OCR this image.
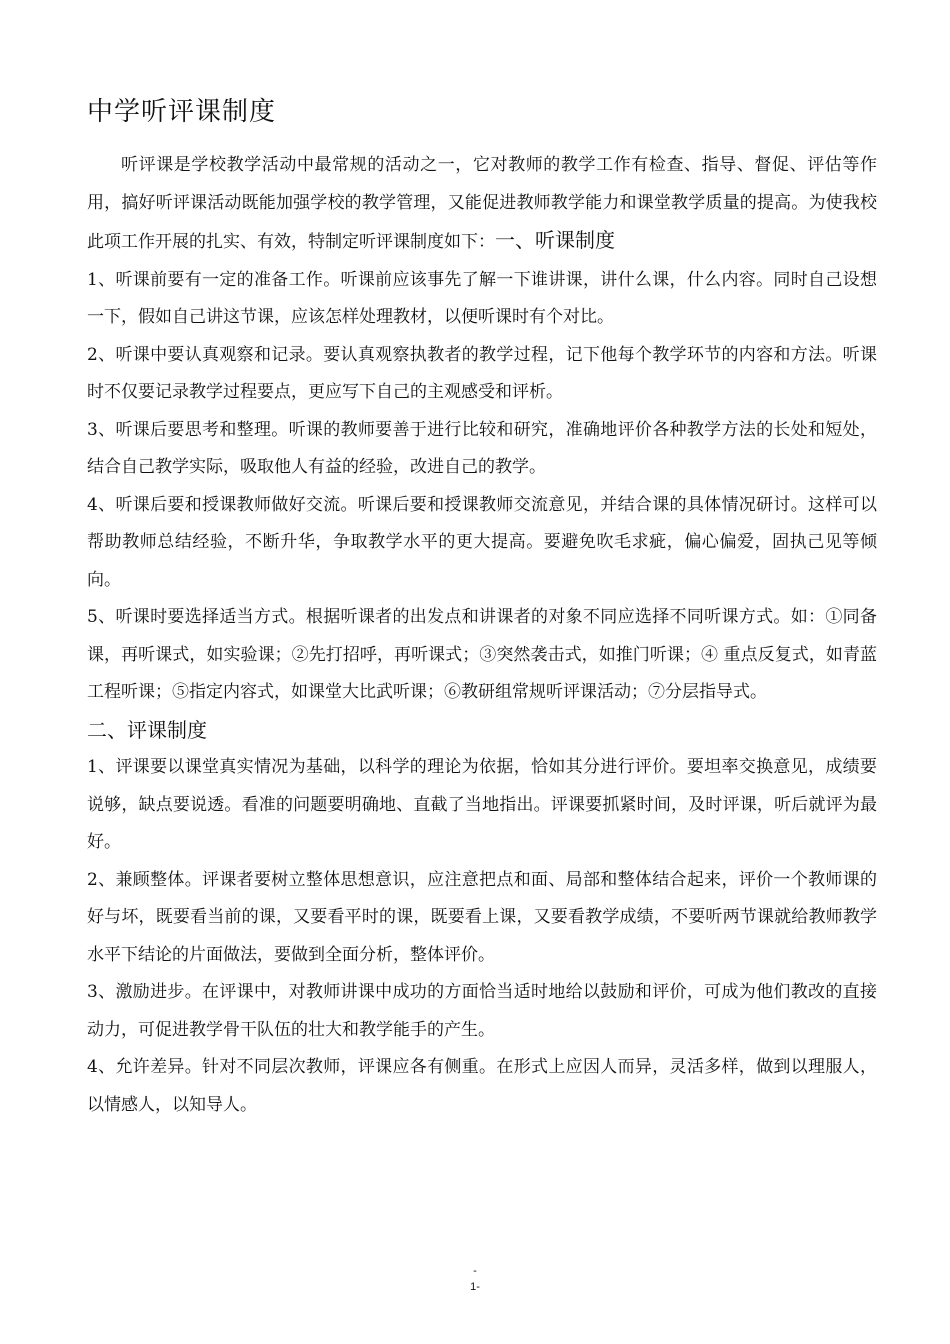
中学听评课制度

听评课是学校教学活动中最常规的活动之一，它对教师的教学工作有检查、指导、督促、评估等作用，搞好听评课活动既能加强学校的教学管理，又能促进教师教学能力和课堂教学质量的提高。为使我校此项工作开展的扎实、有效，特制定听评课制度如下：一、听课制度

1、听课前要有一定的准备工作。听课前应该事先了解一下谁讲课，讲什么课，什么内容。同时自己设想一下，假如自己讲这节课，应该怎样处理教材，以便听课时有个对比。

2、听课中要认真观察和记录。要认真观察执教者的教学过程，记下他每个教学环节的内容和方法。听课时不仅要记录教学过程要点，更应写下自己的主观感受和评析。

3、听课后要思考和整理。听课的教师要善于进行比较和研究，准确地评价各种教学方法的长处和短处，结合自己教学实际，吸取他人有益的经验，改进自己的教学。

4、听课后要和授课教师做好交流。听课后要和授课教师交流意见，并结合课的具体情况研讨。这样可以帮助教师总结经验，不断升华，争取教学水平的更大提高。要避免吹毛求疵，偏心偏爱，固执己见等倾向。

5、听课时要选择适当方式。根据听课者的出发点和讲课者的对象不同应选择不同听课方式。如：①同备课，再听课式，如实验课；②先打招呼，再听课式；③突然袭击式，如推门听课；④ 重点反复式，如青蓝工程听课；⑤指定内容式，如课堂大比武听课；⑥教研组常规听评课活动；⑦分层指导式。

二、评课制度

1、评课要以课堂真实情况为基础，以科学的理论为依据，恰如其分进行评价。要坦率交换意见，成绩要说够，缺点要说透。看准的问题要明确地、直截了当地指出。评课要抓紧时间，及时评课，听后就评为最好。

2、兼顾整体。评课者要树立整体思想意识，应注意把点和面、局部和整体结合起来，评价一个教师课的好与坏，既要看当前的课，又要看平时的课，既要看上课，又要看教学成绩，不要听两节课就给教师教学水平下结论的片面做法，要做到全面分析，整体评价。

3、激励进步。在评课中，对教师讲课中成功的方面恰当适时地给以鼓励和评价，可成为他们教改的直接动力，可促进教学骨干队伍的壮大和教学能手的产生。

4、允许差异。针对不同层次教师，评课应各有侧重。在形式上应因人而异，灵活多样，做到以理服人，以情感人，以知导人。

-
1-
